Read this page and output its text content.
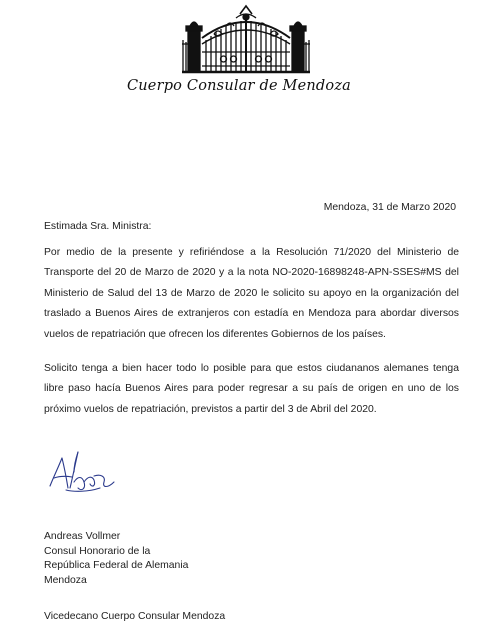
Cuerpo Consular de Mendoza
Mendoza, 31 de Marzo 2020
Estimada Sra. Ministra:

Por medio de la presente y refiriéndose a la Resolución 71/2020 del Ministerio de Transporte del 20 de Marzo de 2020 y a la nota NO-2020-16898248-APN-SSES#MS del Ministerio de Salud del 13 de Marzo de 2020 le solicito su apoyo en la organización del traslado a Buenos Aires de extranjeros con estadía en Mendoza para abordar diversos vuelos de repatriación que ofrecen los diferentes Gobiernos de los países.

Solicito tenga a bien hacer todo lo posible para que estos ciudananos alemanes tenga libre paso hacía Buenos Aires para poder regresar a su país de origen en uno de los próximo vuelos de repatriación, previstos a partir del 3 de Abril del 2020.

Andreas Vollmer
Consul Honorario de la
República Federal de Alemania
Mendoza
Vicedecano Cuerpo Consular Mendoza
